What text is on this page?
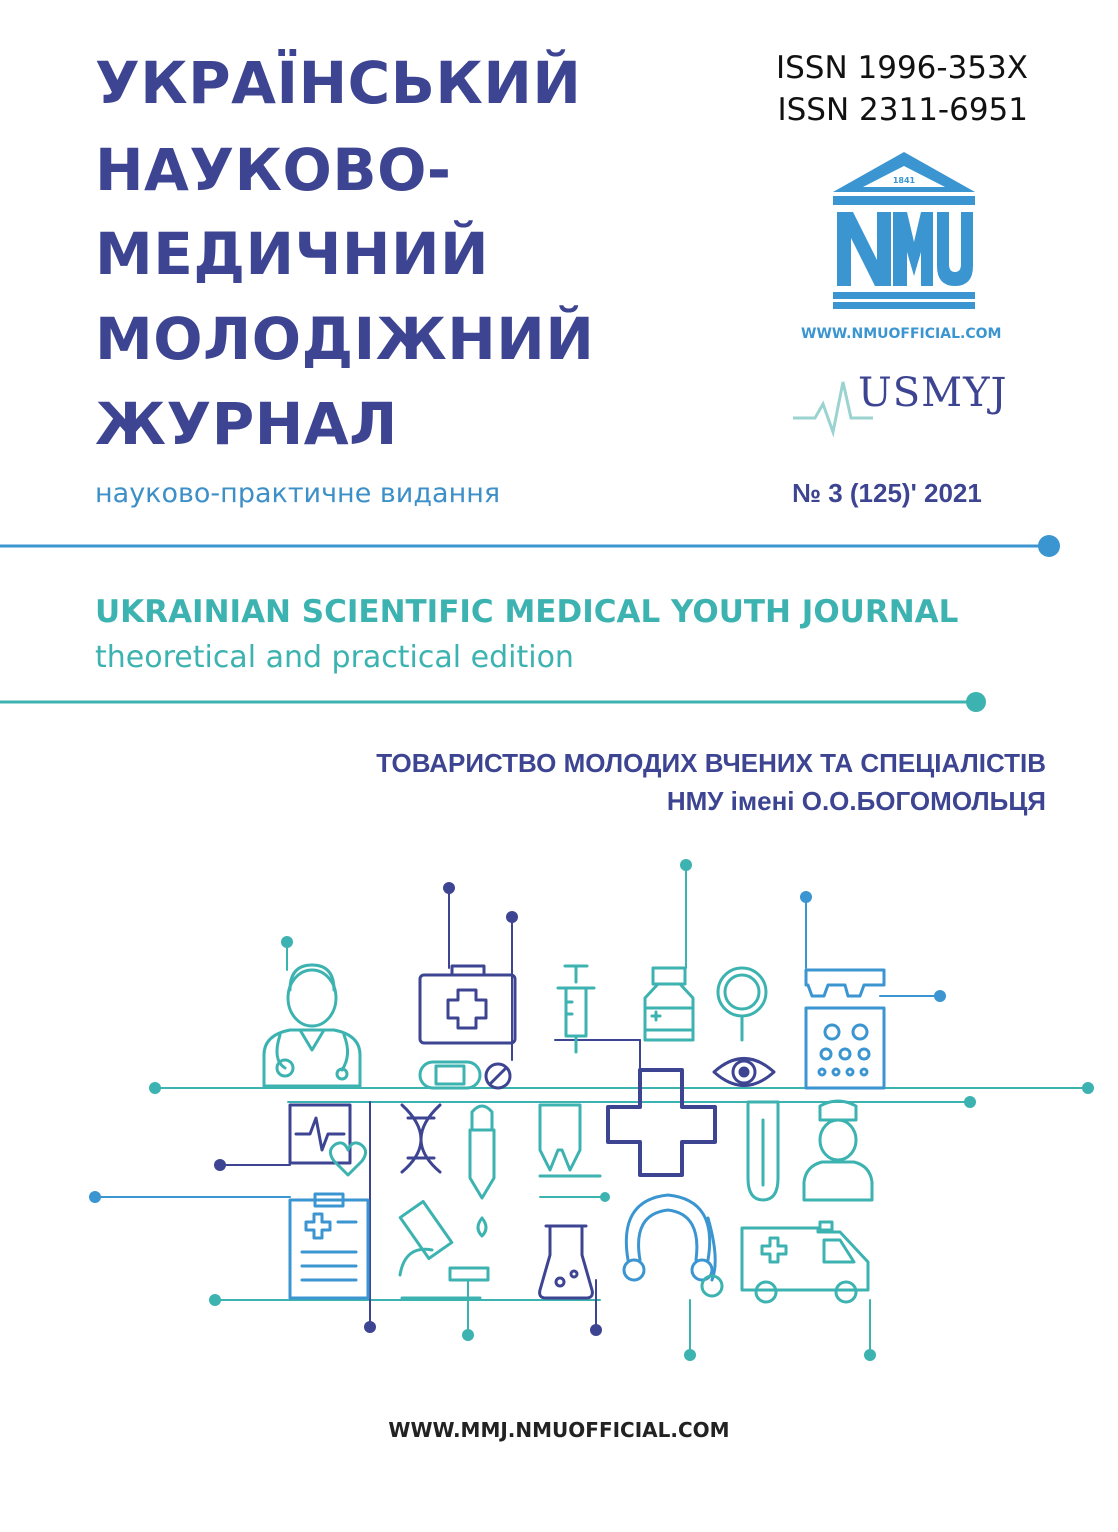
УКРАЇНСЬКИЙ
НАУКОВО-
МЕДИЧНИЙ
МОЛОДІЖНИЙ
ЖУРНАЛ
науково-практичне видання
ISSN 1996-353X
ISSN 2311-6951
1841
WWW.NMUOFFICIAL.COM
USMYJ
№ 3 (125)' 2021
UKRAINIAN SCIENTIFIC MEDICAL YOUTH JOURNAL
theoretical and practical edition
ТОВАРИСТВО МОЛОДИХ ВЧЕНИХ ТА СПЕЦІАЛІСТІВ
НМУ імені О.О.БОГОМОЛЬЦЯ
WWW.MMJ.NMUOFFICIAL.COM
